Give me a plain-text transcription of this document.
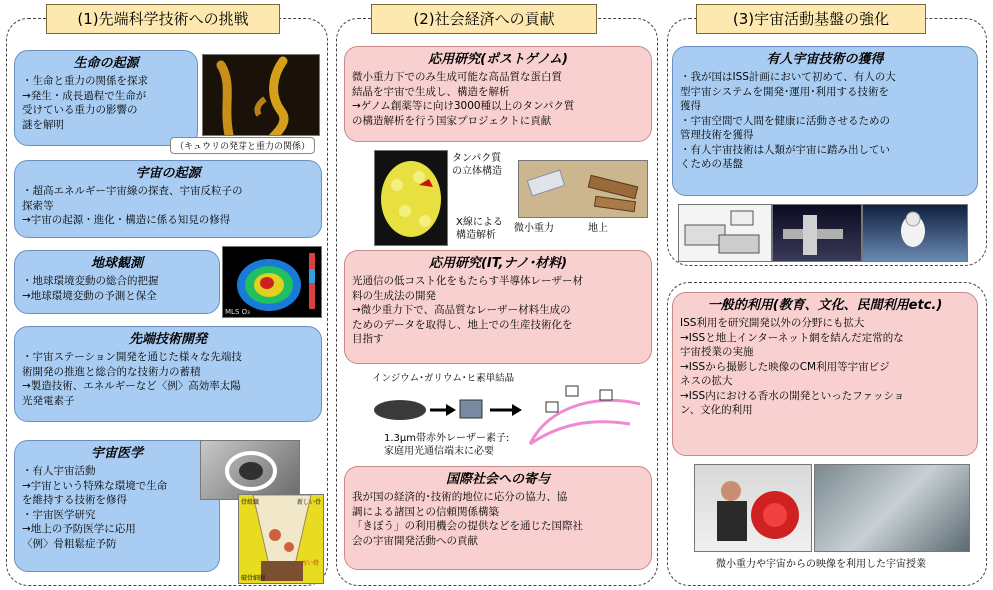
(1)先端科学技術への挑戦	(2)社会経済への貢献	(3)宇宙活動基盤の強化
生命の起源

・生命と重力の関係を探求
→発生・成長過程で生命が
受けている重力の影響の
謎を解明

（キュウリの発芽と重力の関係）
宇宙の起源

・超高エネルギー宇宙線の探査、宇宙反粒子の
探索等
→宇宙の起源・進化・構造に係る知見の修得

地球観測

・地球環境変動の総合的把握
→地球環境変動の予測と保全

MLS O₃
先端技術開発

・宇宙ステーション開発を通じた様々な先端技
術開発の推進と総合的な技術力の蓄積
→製造技術、エネルギーなど〈例〉高効率太陽
光発電素子

宇宙医学

・有人宇宙活動
→宇宙という特殊な環境で生命
を維持する技術を修得
・宇宙医学研究
→地上の予防医学に応用
〈例〉骨粗鬆症予防

骨組織
破骨細胞
古い骨
新しい骨
応用研究(ポストゲノム)

微小重力下でのみ生成可能な高品質な蛋白質
結晶を宇宙で生成し、構造を解析
→ゲノム創薬等に向け3000種以上のタンパク質
の構造解析を行う国家プロジェクトに貢献

タンパク質
の立体構造
X線による
構造解析
微小重力	地上
応用研究(IT,ナノ･材料)

光通信の低コスト化をもたらす半導体レーザー材
料の生成法の開発
→微少重力下で、高品質なレーザー材料生成の
ためのデータを取得し、地上での生産技術化を
目指す

インジウム･ガリウム･ヒ素単結晶
1.3μm帯赤外レーザー素子:
家庭用光通信端末に必要
国際社会への寄与

我が国の経済的･技術的地位に応分の協力、協
調による諸国との信頼関係構築
「きぼう」の利用機会の提供などを通じた国際社
会の宇宙開発活動への貢献

有人宇宙技術の獲得

・我が国はISS計画において初めて、有人の大
型宇宙システムを開発･運用･利用する技術を
獲得
・宇宙空間で人間を健康に活動させるための
管理技術を獲得
・有人宇宙技術は人類が宇宙に踏み出してい
くための基盤

一般的利用(教育、文化、民間利用etc.)

ISS利用を研究開発以外の分野にも拡大
→ISSと地上インターネット網を結んだ定常的な
宇宙授業の実施
→ISSから撮影した映像のCM利用等宇宙ビジ
ネスの拡大
→ISS内における香水の開発といったファッショ
ン、文化的利用

微小重力や宇宙からの映像を利用した宇宙授業
